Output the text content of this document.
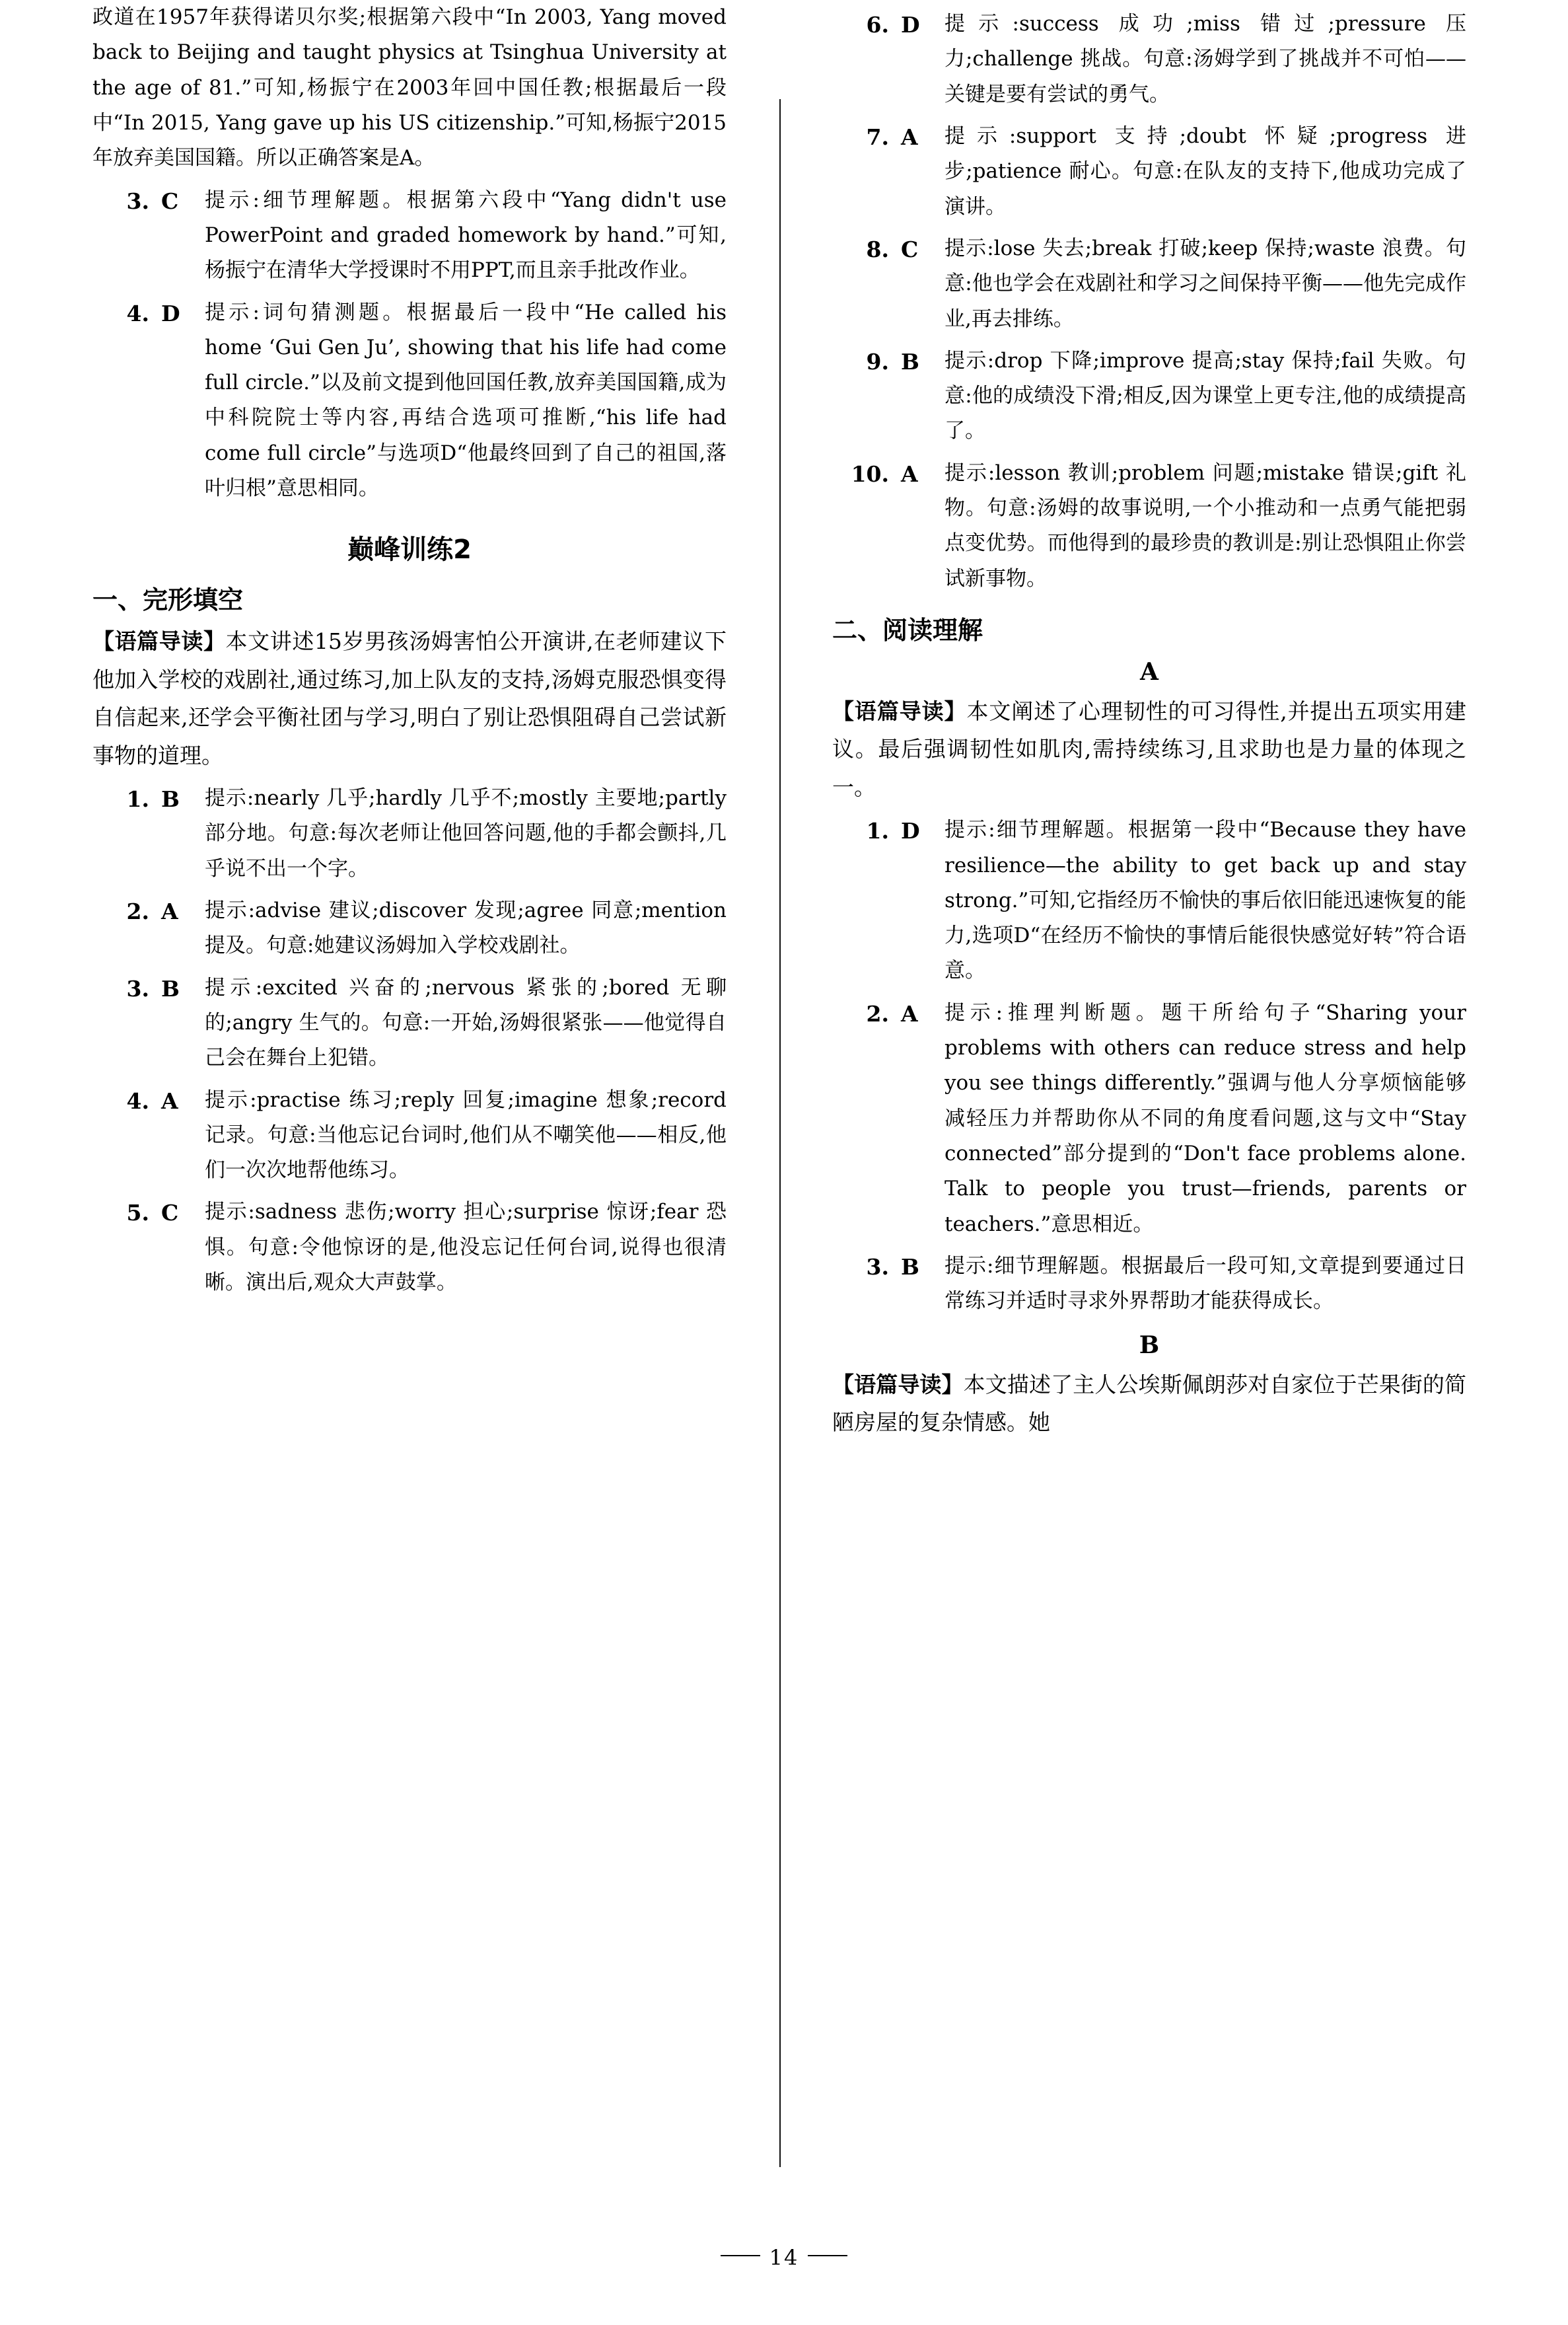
政道在1957年获得诺贝尔奖;根据第六段中“In 2003, Yang moved back to Beijing and taught physics at Tsinghua University at the age of 81.”可知,杨振宁在2003年回中国任教;根据最后一段中“In 2015, Yang gave up his US citizenship.”可知,杨振宁2015年放弃美国国籍。所以正确答案是A。

3. C	提示:细节理解题。根据第六段中“Yang didn't use PowerPoint and graded homework by hand.”可知,杨振宁在清华大学授课时不用PPT,而且亲手批改作业。
4. D	提示:词句猜测题。根据最后一段中“He called his home ‘Gui Gen Ju’, showing that his life had come full circle.”以及前文提到他回国任教,放弃美国国籍,成为中科院院士等内容,再结合选项可推断,“his life had come full circle”与选项D“他最终回到了自己的祖国,落叶归根”意思相同。
巅峰训练2
一、完形填空

【语篇导读】本文讲述15岁男孩汤姆害怕公开演讲,在老师建议下他加入学校的戏剧社,通过练习,加上队友的支持,汤姆克服恐惧变得自信起来,还学会平衡社团与学习,明白了别让恐惧阻碍自己尝试新事物的道理。

1. B	提示:nearly 几乎;hardly 几乎不;mostly 主要地;partly 部分地。句意:每次老师让他回答问题,他的手都会颤抖,几乎说不出一个字。
2. A	提示:advise 建议;discover 发现;agree 同意;mention 提及。句意:她建议汤姆加入学校戏剧社。
3. B	提示:excited 兴奋的;nervous 紧张的;bored 无聊的;angry 生气的。句意:一开始,汤姆很紧张——他觉得自己会在舞台上犯错。
4. A	提示:practise 练习;reply 回复;imagine 想象;record 记录。句意:当他忘记台词时,他们从不嘲笑他——相反,他们一次次地帮他练习。
5. C	提示:sadness 悲伤;worry 担心;surprise 惊讶;fear 恐惧。句意:令他惊讶的是,他没忘记任何台词,说得也很清晰。演出后,观众大声鼓掌。
6. D	提示:success 成功;miss 错过;pressure 压力;challenge 挑战。句意:汤姆学到了挑战并不可怕——关键是要有尝试的勇气。
7. A	提示:support 支持;doubt 怀疑;progress 进步;patience 耐心。句意:在队友的支持下,他成功完成了演讲。
8. C	提示:lose 失去;break 打破;keep 保持;waste 浪费。句意:他也学会在戏剧社和学习之间保持平衡——他先完成作业,再去排练。
9. B	提示:drop 下降;improve 提高;stay 保持;fail 失败。句意:他的成绩没下滑;相反,因为课堂上更专注,他的成绩提高了。
10. A	提示:lesson 教训;problem 问题;mistake 错误;gift 礼物。句意:汤姆的故事说明,一个小推动和一点勇气能把弱点变优势。而他得到的最珍贵的教训是:别让恐惧阻止你尝试新事物。
二、阅读理解
A

【语篇导读】本文阐述了心理韧性的可习得性,并提出五项实用建议。最后强调韧性如肌肉,需持续练习,且求助也是力量的体现之一。

1. D	提示:细节理解题。根据第一段中“Because they have resilience—the ability to get back up and stay strong.”可知,它指经历不愉快的事后依旧能迅速恢复的能力,选项D“在经历不愉快的事情后能很快感觉好转”符合语意。
2. A	提示:推理判断题。题干所给句子“Sharing your problems with others can reduce stress and help you see things differently.”强调与他人分享烦恼能够减轻压力并帮助你从不同的角度看问题,这与文中“Stay connected”部分提到的“Don't face problems alone. Talk to people you trust—friends, parents or teachers.”意思相近。
3. B	提示:细节理解题。根据最后一段可知,文章提到要通过日常练习并适时寻求外界帮助才能获得成长。
B

【语篇导读】本文描述了主人公埃斯佩朗莎对自家位于芒果街的简陋房屋的复杂情感。她

14
